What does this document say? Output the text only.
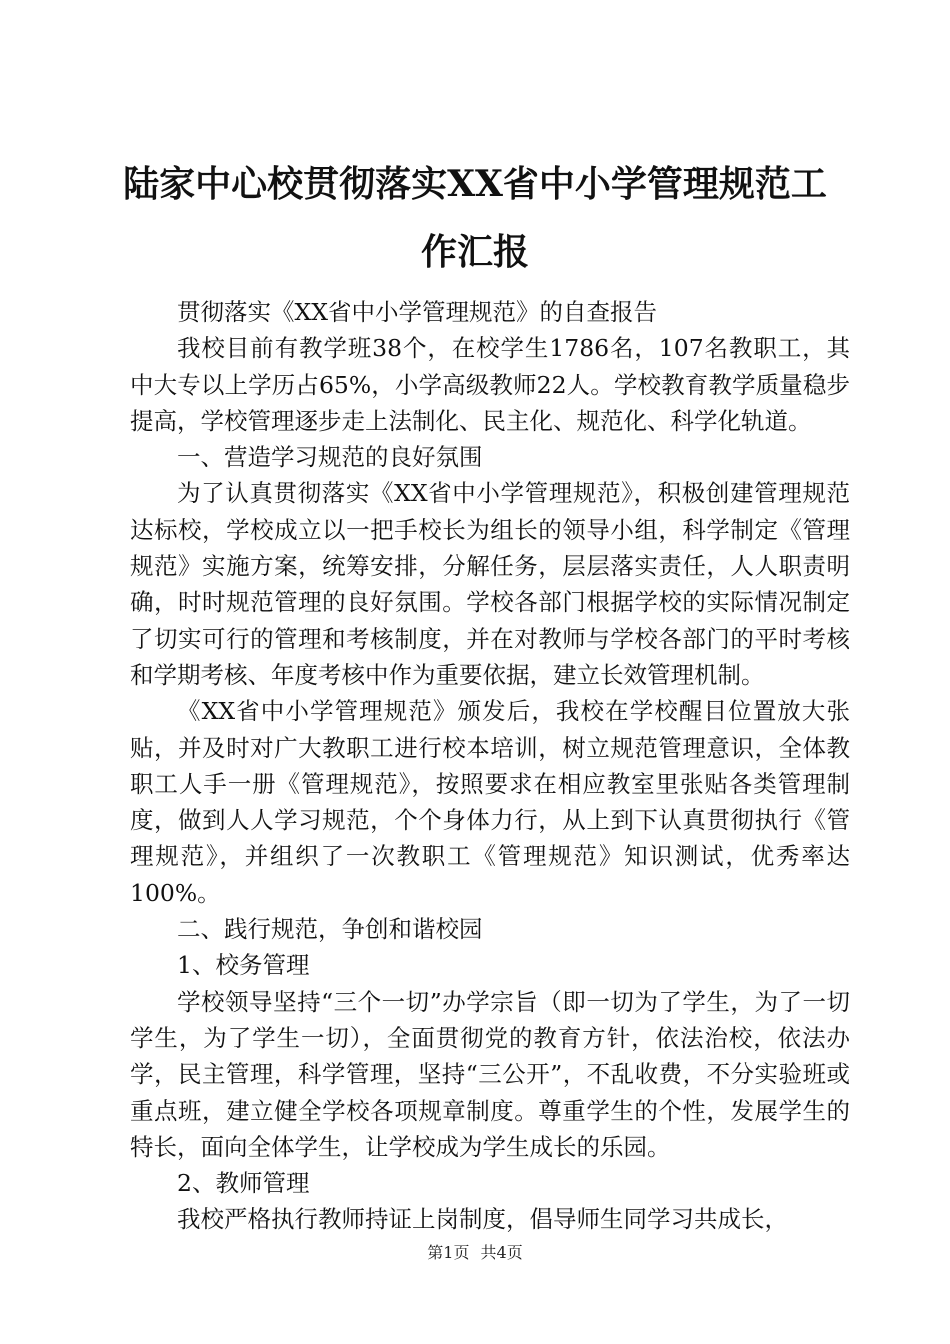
陆家中心校贯彻落实XX省中小学管理规范工
作汇报

贯彻落实《XX省中小学管理规范》的自查报告

我校目前有教学班38个，在校学生1786名，107名教职工，其中大专以上学历占65%，小学高级教师22人。学校教育教学质量稳步提高，学校管理逐步走上法制化、民主化、规范化、科学化轨道。

一、营造学习规范的良好氛围

为了认真贯彻落实《XX省中小学管理规范》，积极创建管理规范达标校，学校成立以一把手校长为组长的领导小组，科学制定《管理规范》实施方案，统筹安排，分解任务，层层落实责任，人人职责明确，时时规范管理的良好氛围。学校各部门根据学校的实际情况制定了切实可行的管理和考核制度，并在对教师与学校各部门的平时考核和学期考核、年度考核中作为重要依据，建立长效管理机制。

《XX省中小学管理规范》颁发后，我校在学校醒目位置放大张贴，并及时对广大教职工进行校本培训，树立规范管理意识，全体教职工人手一册《管理规范》，按照要求在相应教室里张贴各类管理制度，做到人人学习规范，个个身体力行，从上到下认真贯彻执行《管理规范》，并组织了一次教职工《管理规范》知识测试，优秀率达100%。

二、践行规范，争创和谐校园

1、校务管理

学校领导坚持“三个一切”办学宗旨（即一切为了学生，为了一切学生，为了学生一切），全面贯彻党的教育方针，依法治校，依法办学，民主管理，科学管理，坚持“三公开”，不乱收费，不分实验班或重点班，建立健全学校各项规章制度。尊重学生的个性，发展学生的特长，面向全体学生，让学校成为学生成长的乐园。

2、教师管理

我校严格执行教师持证上岗制度，倡导师生同学习共成长，

第1页 共4页
